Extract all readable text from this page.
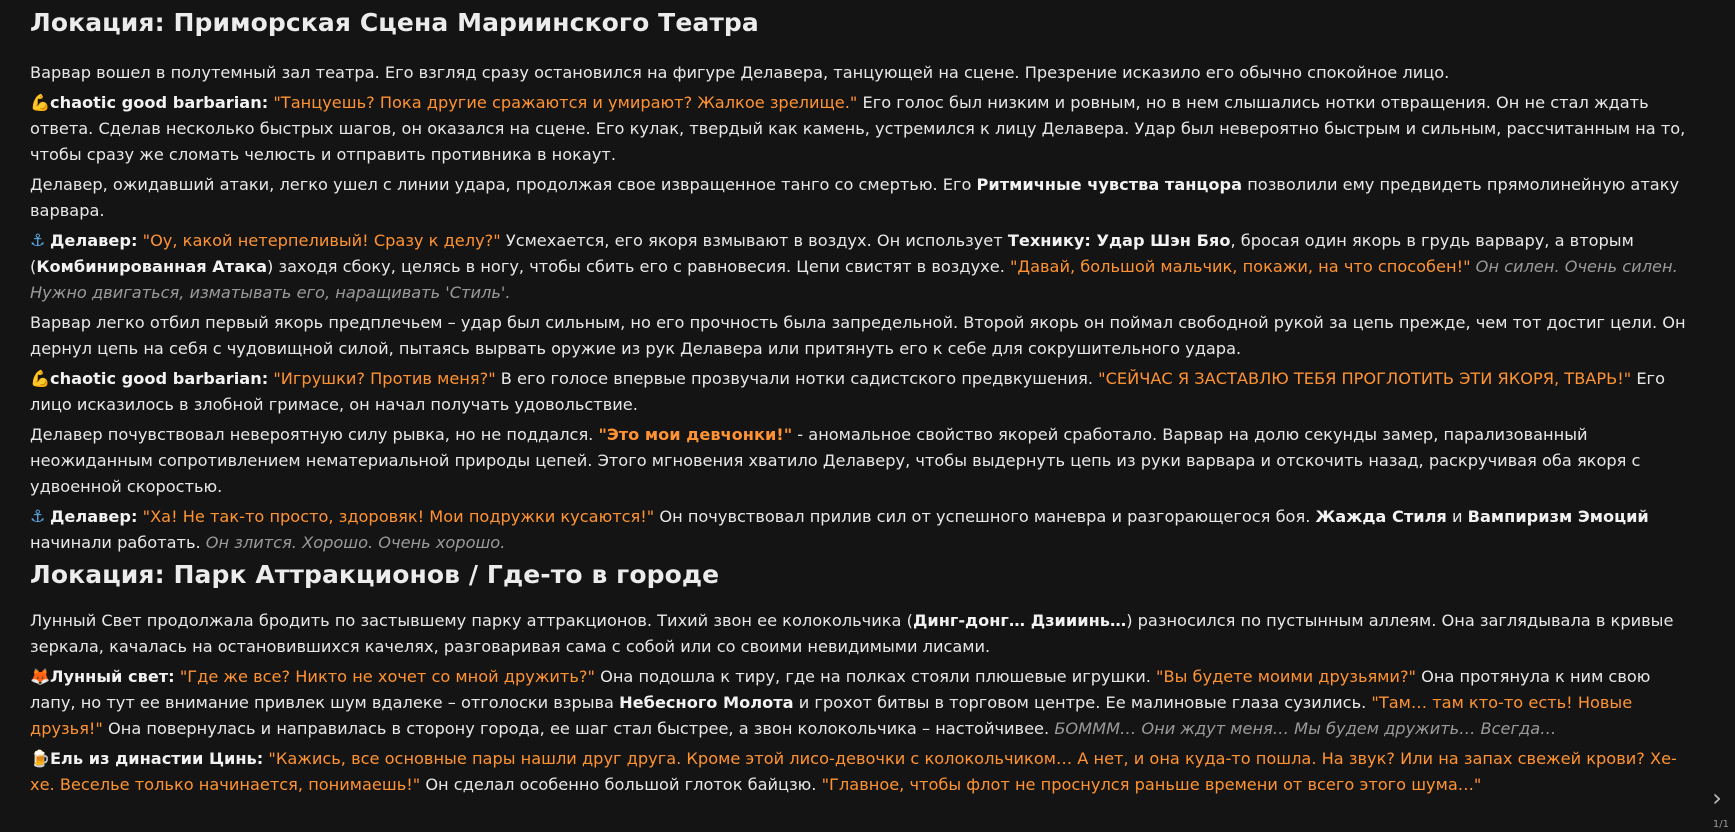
Локация: Приморская Сцена Мариинского Театра

Варвар вошел в полутемный зал театра. Его взгляд сразу остановился на фигуре Делавера, танцующей на сцене. Презрение исказило его обычно спокойное лицо.

💪chaotic good barbarian: "Танцуешь? Пока другие сражаются и умирают? Жалкое зрелище." Его голос был низким и ровным, но в нем слышались нотки отвращения. Он не стал ждать ответа. Сделав несколько быстрых шагов, он оказался на сцене. Его кулак, твердый как камень, устремился к лицу Делавера. Удар был невероятно быстрым и сильным, рассчитанным на то, чтобы сразу же сломать челюсть и отправить противника в нокаут.

Делавер, ожидавший атаки, легко ушел с линии удара, продолжая свое извращенное танго со смертью. Его Ритмичные чувства танцора позволили ему предвидеть прямолинейную атаку варвара.

⚓ Делавер: "Оу, какой нетерпеливый! Сразу к делу?" Усмехается, его якоря взмывают в воздух. Он использует Технику: Удар Шэн Бяо, бросая один якорь в грудь варвару, а вторым (Комбинированная Атака) заходя сбоку, целясь в ногу, чтобы сбить его с равновесия. Цепи свистят в воздухе. "Давай, большой мальчик, покажи, на что способен!" Он силен. Очень силен. Нужно двигаться, изматывать его, наращивать 'Стиль'.

Варвар легко отбил первый якорь предплечьем – удар был сильным, но его прочность была запредельной. Второй якорь он поймал свободной рукой за цепь прежде, чем тот достиг цели. Он дернул цепь на себя с чудовищной силой, пытаясь вырвать оружие из рук Делавера или притянуть его к себе для сокрушительного удара.

💪chaotic good barbarian: "Игрушки? Против меня?" В его голосе впервые прозвучали нотки садистского предвкушения. "СЕЙЧАС Я ЗАСТАВЛЮ ТЕБЯ ПРОГЛОТИТЬ ЭТИ ЯКОРЯ, ТВАРЬ!" Его лицо исказилось в злобной гримасе, он начал получать удовольствие.

Делавер почувствовал невероятную силу рывка, но не поддался. "Это мои девчонки!" - аномальное свойство якорей сработало. Варвар на долю секунды замер, парализованный неожиданным сопротивлением нематериальной природы цепей. Этого мгновения хватило Делаверу, чтобы выдернуть цепь из руки варвара и отскочить назад, раскручивая оба якоря с удвоенной скоростью.

⚓ Делавер: "Ха! Не так-то просто, здоровяк! Мои подружки кусаются!" Он почувствовал прилив сил от успешного маневра и разгорающегося боя. Жажда Стиля и Вампиризм Эмоций начинали работать. Он злится. Хорошо. Очень хорошо.

Локация: Парк Аттракционов / Где-то в городе

Лунный Свет продолжала бродить по застывшему парку аттракционов. Тихий звон ее колокольчика (Динг-донг… Дзииинь…) разносился по пустынным аллеям. Она заглядывала в кривые зеркала, качалась на остановившихся качелях, разговаривая сама с собой или со своими невидимыми лисами.

🦊Лунный свет: "Где же все? Никто не хочет со мной дружить?" Она подошла к тиру, где на полках стояли плюшевые игрушки. "Вы будете моими друзьями?" Она протянула к ним свою лапу, но тут ее внимание привлек шум вдалеке – отголоски взрыва Небесного Молота и грохот битвы в торговом центре. Ее малиновые глаза сузились. "Там… там кто-то есть! Новые друзья!" Она повернулась и направилась в сторону города, ее шаг стал быстрее, а звон колокольчика – настойчивее. БОМММ… Они ждут меня… Мы будем дружить… Всегда…

🍺Ель из династии Цинь: "Кажись, все основные пары нашли друг друга. Кроме этой лисо-девочки с колокольчиком… А нет, и она куда-то пошла. На звук? Или на запах свежей крови? Хе-хе. Веселье только начинается, понимаешь!" Он сделал особенно большой глоток байцзю. "Главное, чтобы флот не проснулся раньше времени от всего этого шума…"	›
1/1
